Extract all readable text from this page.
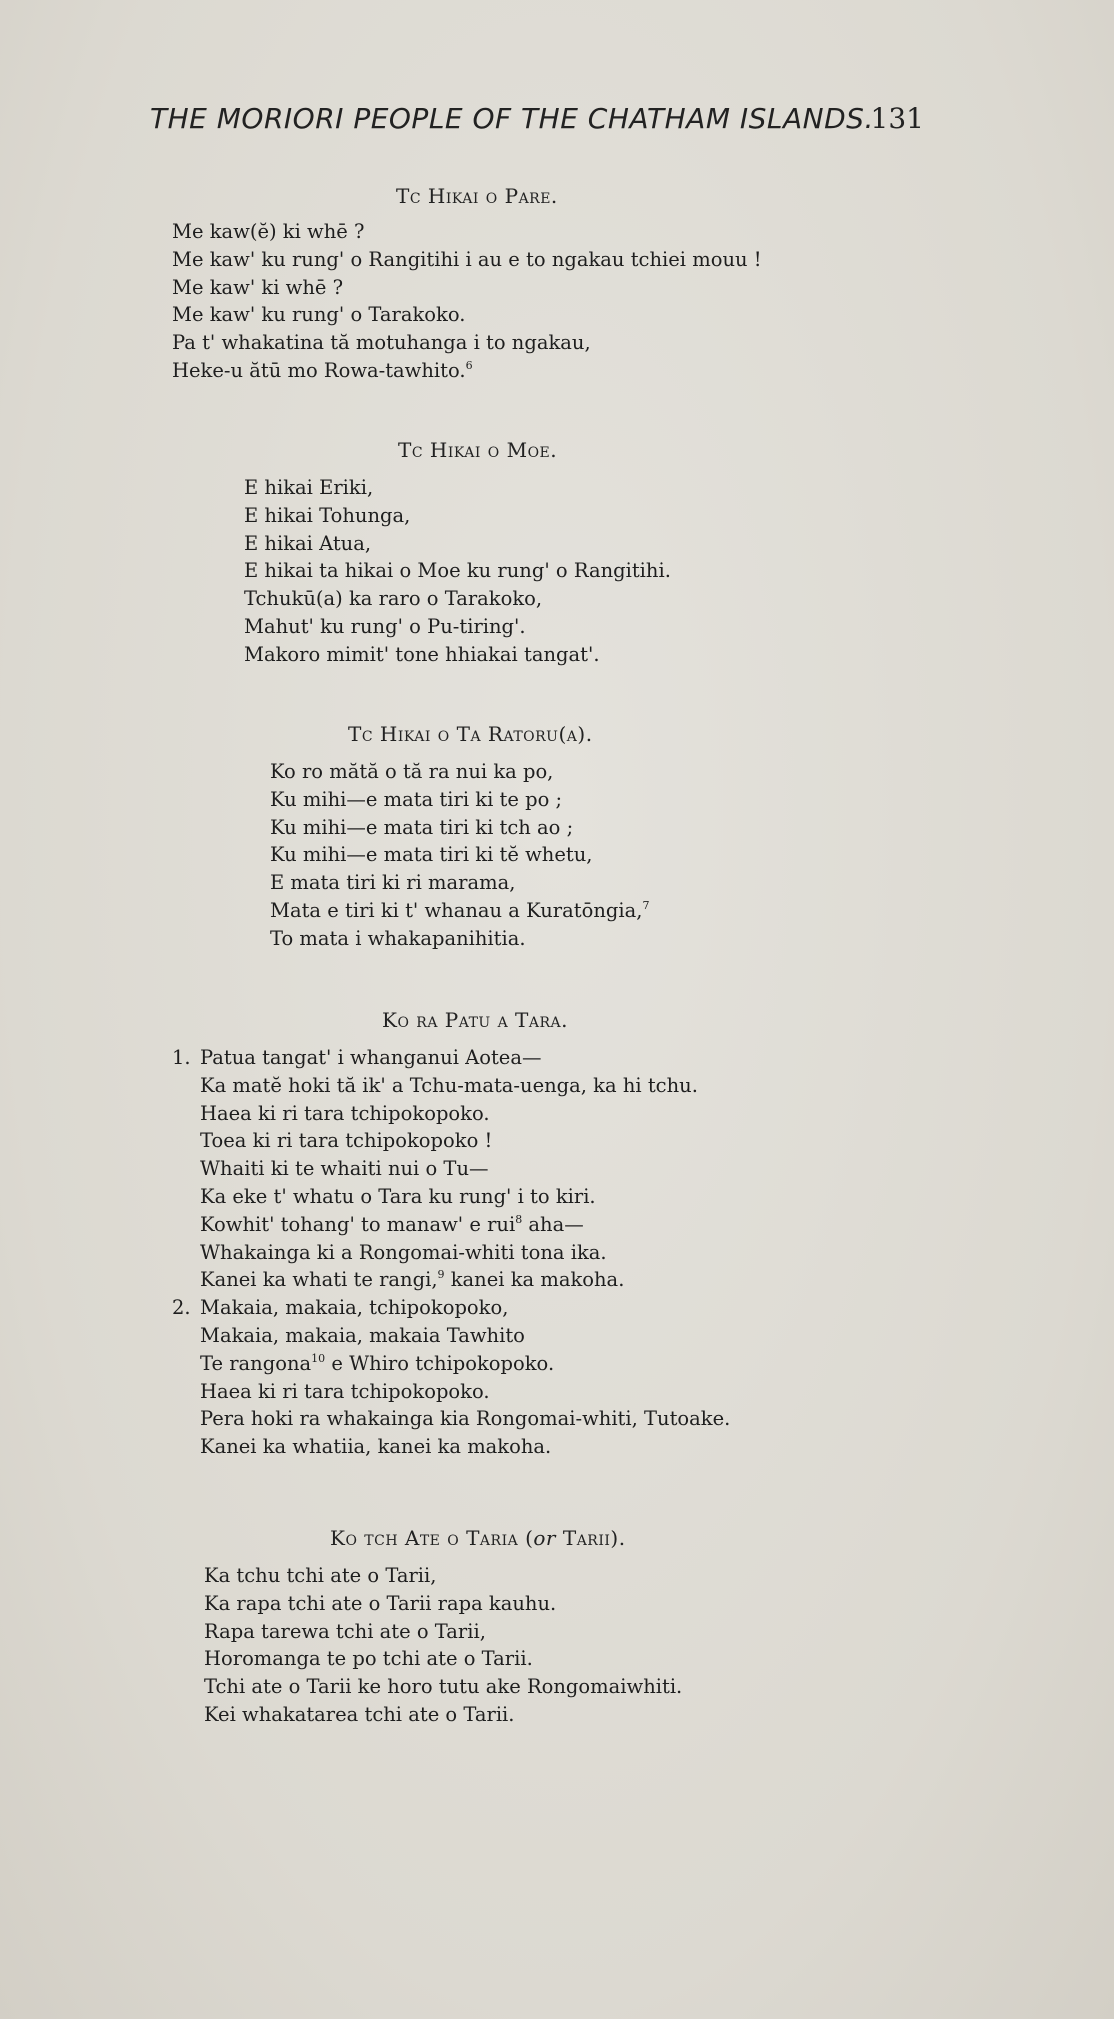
THE MORIORI PEOPLE OF THE CHATHAM ISLANDS.
131
Tc Hikai o Pare.
Me kaw(ĕ) ki whē ?
Me kaw' ku rung' o Rangitihi i au e to ngakau tchiei mouu !
Me kaw' ki whē ?
Me kaw' ku rung' o Tarakoko.
Pa t' whakatina tă motuhanga i to ngakau,
Heke-u ătū mo Rowa-tawhito.$^6$
Tc Hikai o Moe.
E hikai Eriki,
E hikai Tohunga,
E hikai Atua,
E hikai ta hikai o Moe ku rung' o Rangitihi.
Tchukū(a) ka raro o Tarakoko,
Mahut' ku rung' o Pu-tiring'.
Makoro mimit' tone hhiakai tangat'.
Tc Hikai o Ta Ratoru(a).
Ko ro mătă o tă ra nui ka po,
Ku mihi—e mata tiri ki te po ;
Ku mihi—e mata tiri ki tch ao ;
Ku mihi—e mata tiri ki tĕ whetu,
E mata tiri ki ri marama,
Mata e tiri ki t' whanau a Kuratōngia,$^7$
To mata i whakapanihitia.
Ko ra Patu a Tara.
1. Patua tangat' i whanganui Aotea—
Ka matĕ hoki tă ik' a Tchu-mata-uenga, ka hi tchu.
Haea ki ri tara tchipokopoko.
Toea ki ri tara tchipokopoko !
Whaiti ki te whaiti nui o Tu—
Ka eke t' whatu o Tara ku rung' i to kiri.
Kowhit' tohang' to manaw' e rui$^8$ aha—
Whakainga ki a Rongomai-whiti tona ika.
Kanei ka whati te rangi,$^9$ kanei ka makoha.
2. Makaia, makaia, tchipokopoko,
Makaia, makaia, makaia Tawhito
Te rangona$^{10}$ e Whiro tchipokopoko.
Haea ki ri tara tchipokopoko.
Pera hoki ra whakainga kia Rongomai-whiti, Tutoake.
Kanei ka whatiia, kanei ka makoha.
Ko tch Ate o Taria (or Tarii).
Ka tchu tchi ate o Tarii,
Ka rapa tchi ate o Tarii rapa kauhu.
Rapa tarewa tchi ate o Tarii,
Horomanga te po tchi ate o Tarii.
Tchi ate o Tarii ke horo tutu ake Rongomaiwhiti.
Kei whakatarea tchi ate o Tarii.
